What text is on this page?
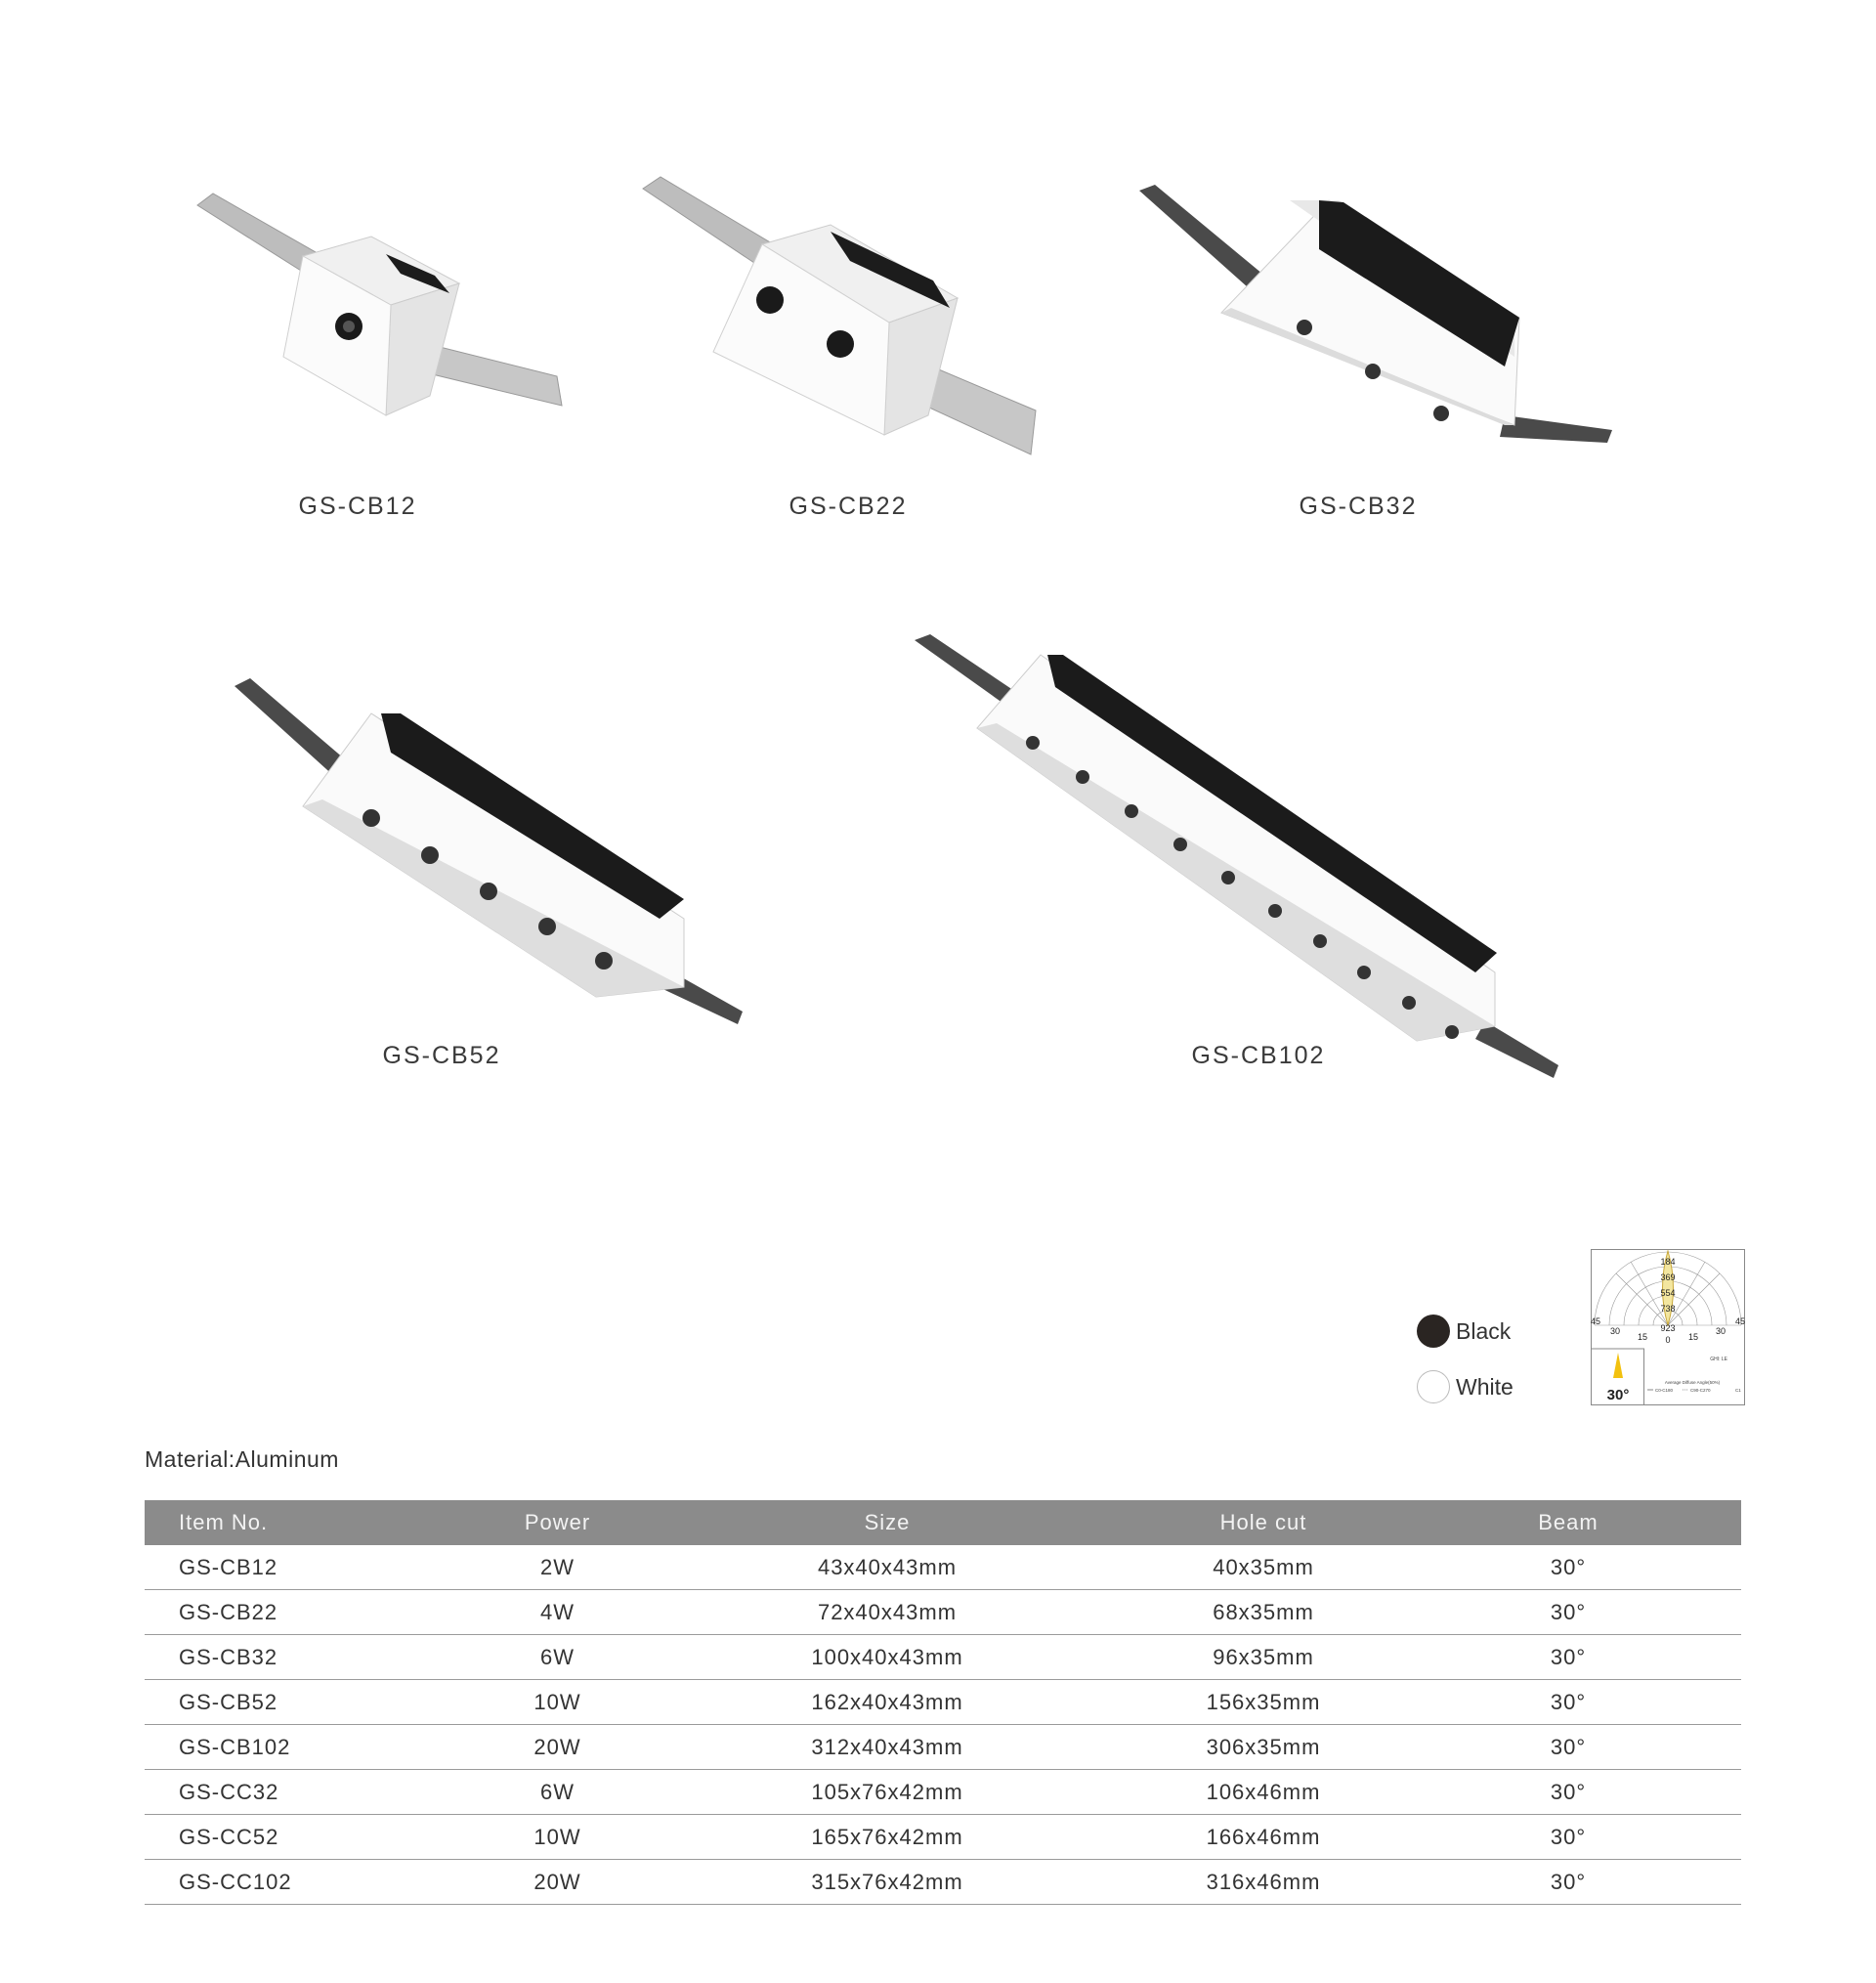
GS-CB12	GS-CB22	GS-CB32
GS-CB52	GS-CB102
Black
White
184
369
554
738
923
45
30
15 0 15
30
45
GHI: LE
30°
Average Diffuse Angle(50%)
C0-C180	C90-C270	C1
Material:Aluminum
Item No.	Power	Size	Hole cut	Beam
GS-CB12	2W	43x40x43mm	40x35mm	30°
GS-CB22	4W	72x40x43mm	68x35mm	30°
GS-CB32	6W	100x40x43mm	96x35mm	30°
GS-CB52	10W	162x40x43mm	156x35mm	30°
GS-CB102	20W	312x40x43mm	306x35mm	30°
GS-CC32	6W	105x76x42mm	106x46mm	30°
GS-CC52	10W	165x76x42mm	166x46mm	30°
GS-CC102	20W	315x76x42mm	316x46mm	30°
